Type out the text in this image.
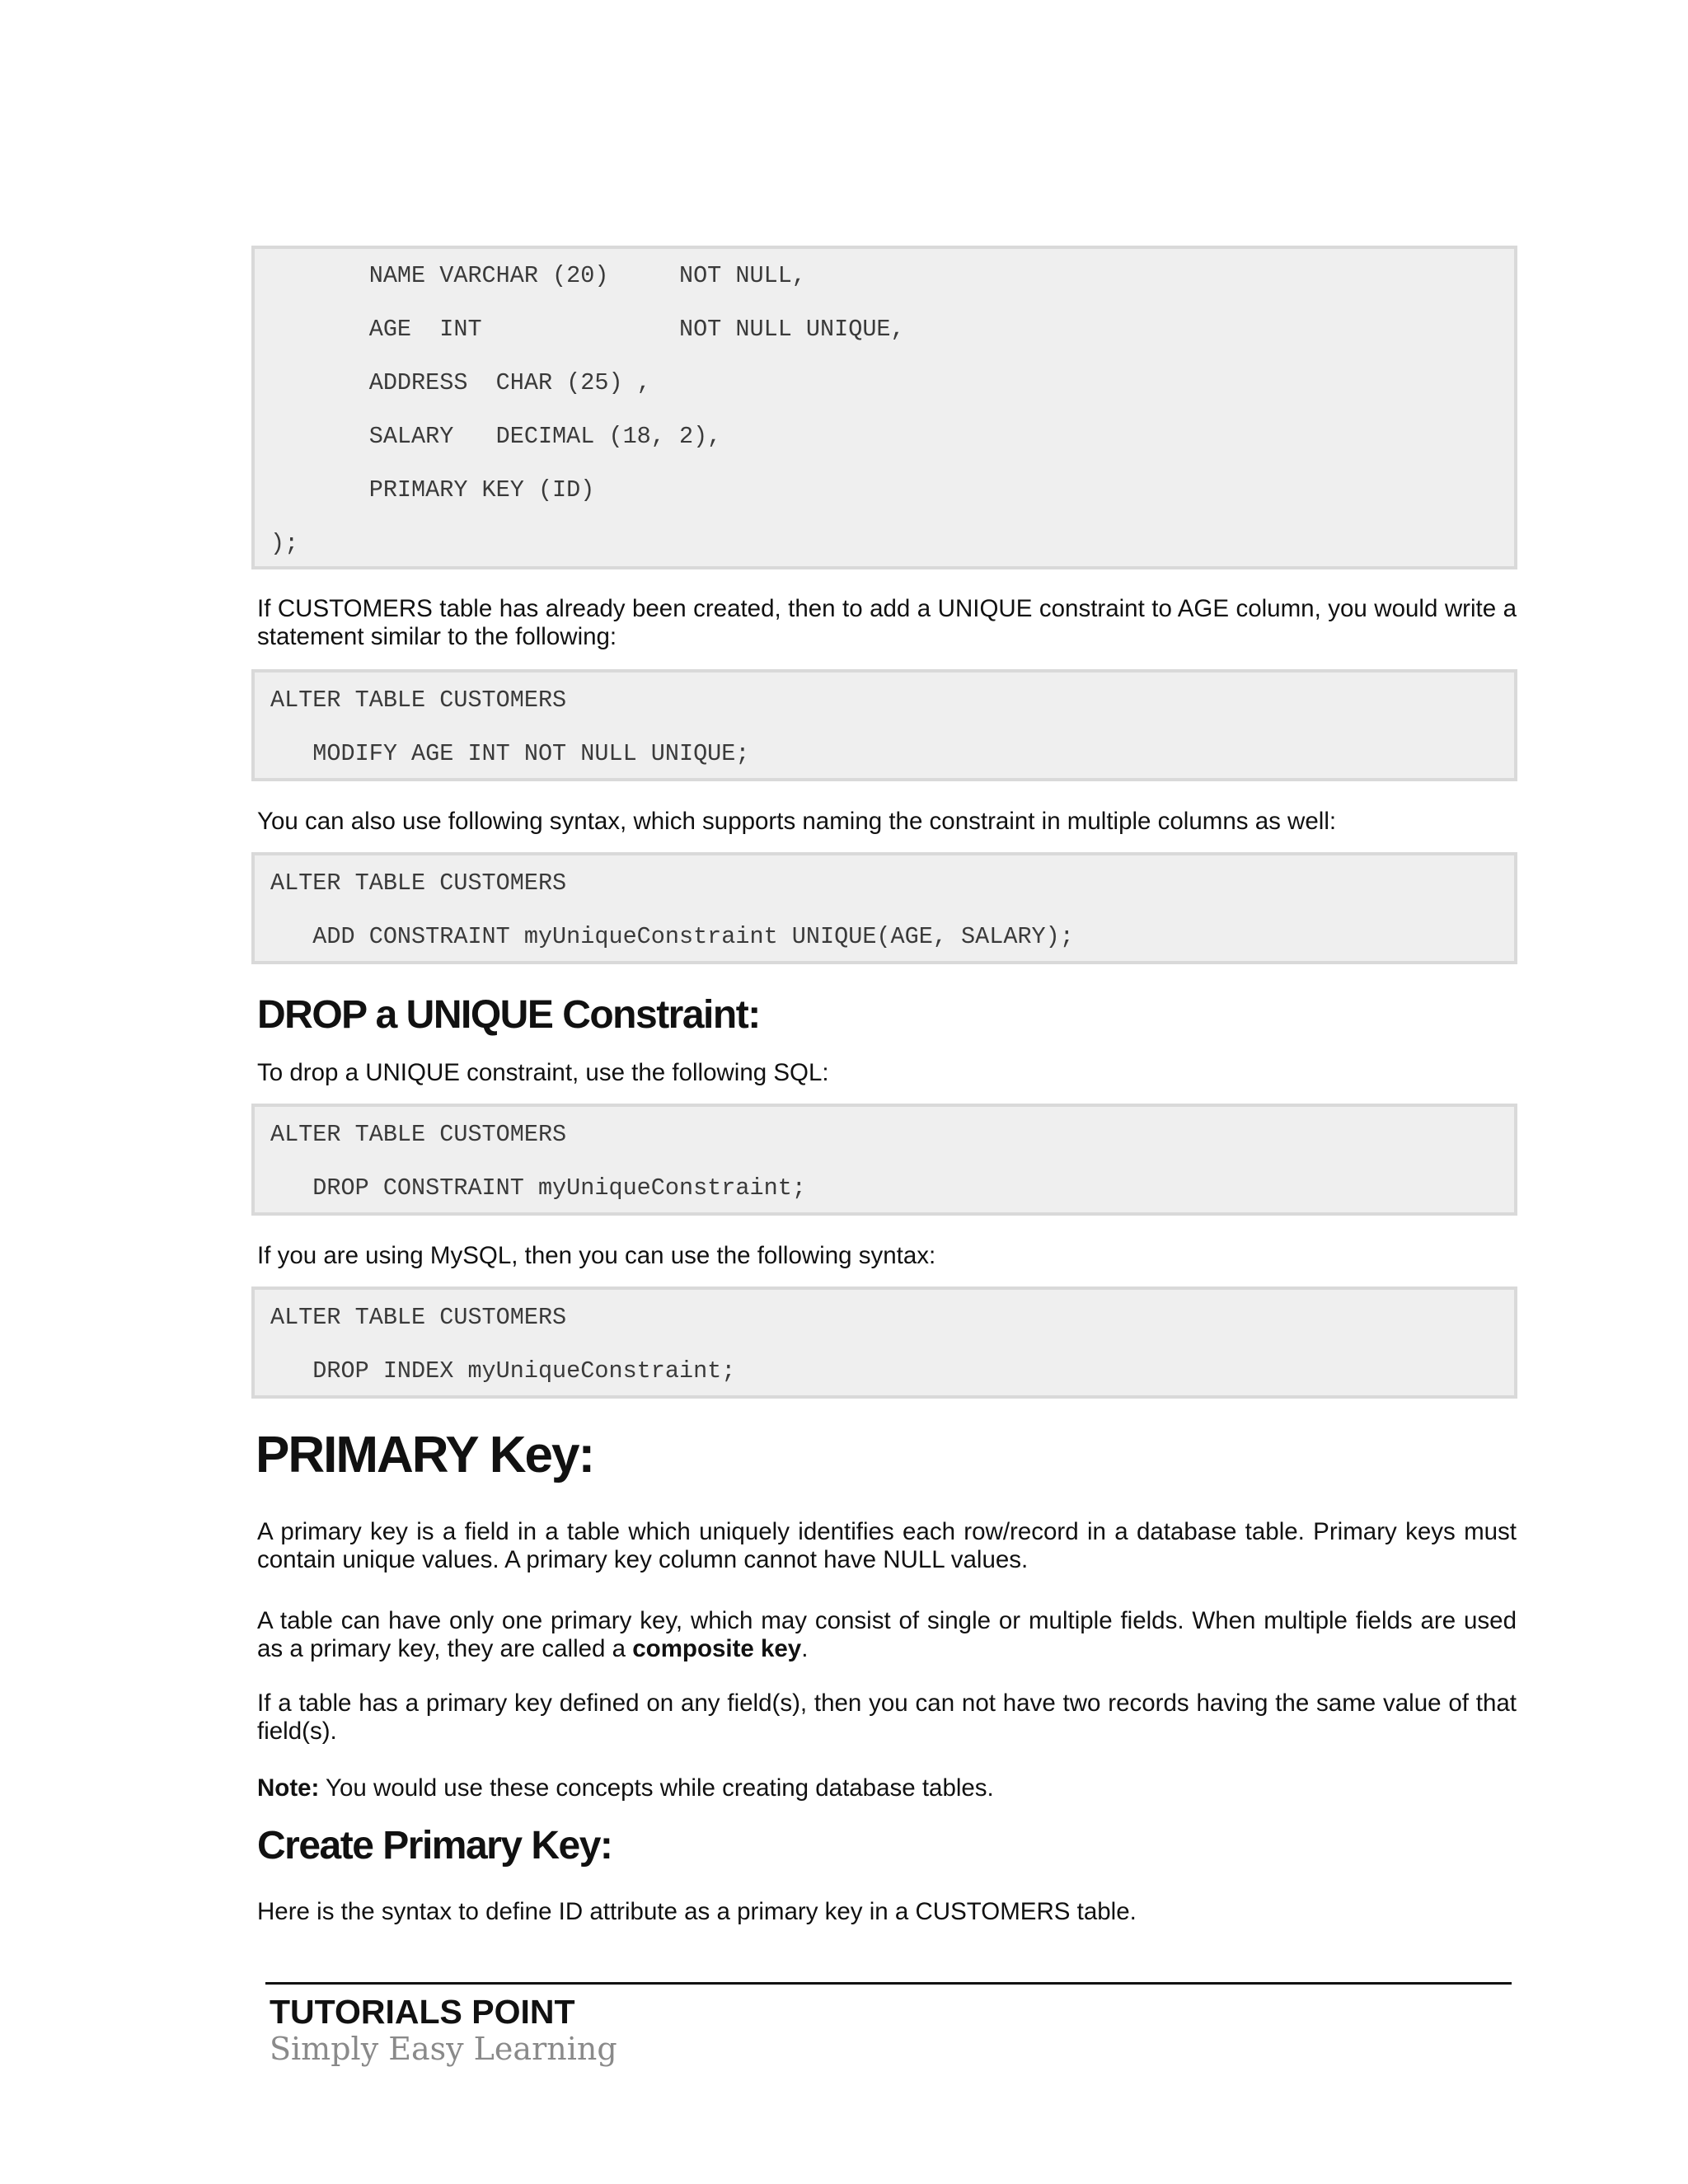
NAME VARCHAR (20)     NOT NULL,

AGE  INT              NOT NULL UNIQUE,

ADDRESS  CHAR (25) ,

SALARY   DECIMAL (18, 2),

PRIMARY KEY (ID)

);

If CUSTOMERS table has already been created, then to add a UNIQUE constraint to AGE column, you would write a statement similar to the following:

ALTER TABLE CUSTOMERS

MODIFY AGE INT NOT NULL UNIQUE;

You can also use following syntax, which supports naming the constraint in multiple columns as well:

ALTER TABLE CUSTOMERS

ADD CONSTRAINT myUniqueConstraint UNIQUE(AGE, SALARY);

DROP a UNIQUE Constraint:

To drop a UNIQUE constraint, use the following SQL:

ALTER TABLE CUSTOMERS

DROP CONSTRAINT myUniqueConstraint;

If you are using MySQL, then you can use the following syntax:

ALTER TABLE CUSTOMERS

DROP INDEX myUniqueConstraint;

PRIMARY Key:

A primary key is a field in a table which uniquely identifies each row/record in a database table. Primary keys must contain unique values. A primary key column cannot have NULL values.

A table can have only one primary key, which may consist of single or multiple fields. When multiple fields are used as a primary key, they are called a composite key.

If a table has a primary key defined on any field(s), then you can not have two records having the same value of that field(s).

Note: You would use these concepts while creating database tables.

Create Primary Key:

Here is the syntax to define ID attribute as a primary key in a CUSTOMERS table.

TUTORIALS POINT
Simply Easy Learning
